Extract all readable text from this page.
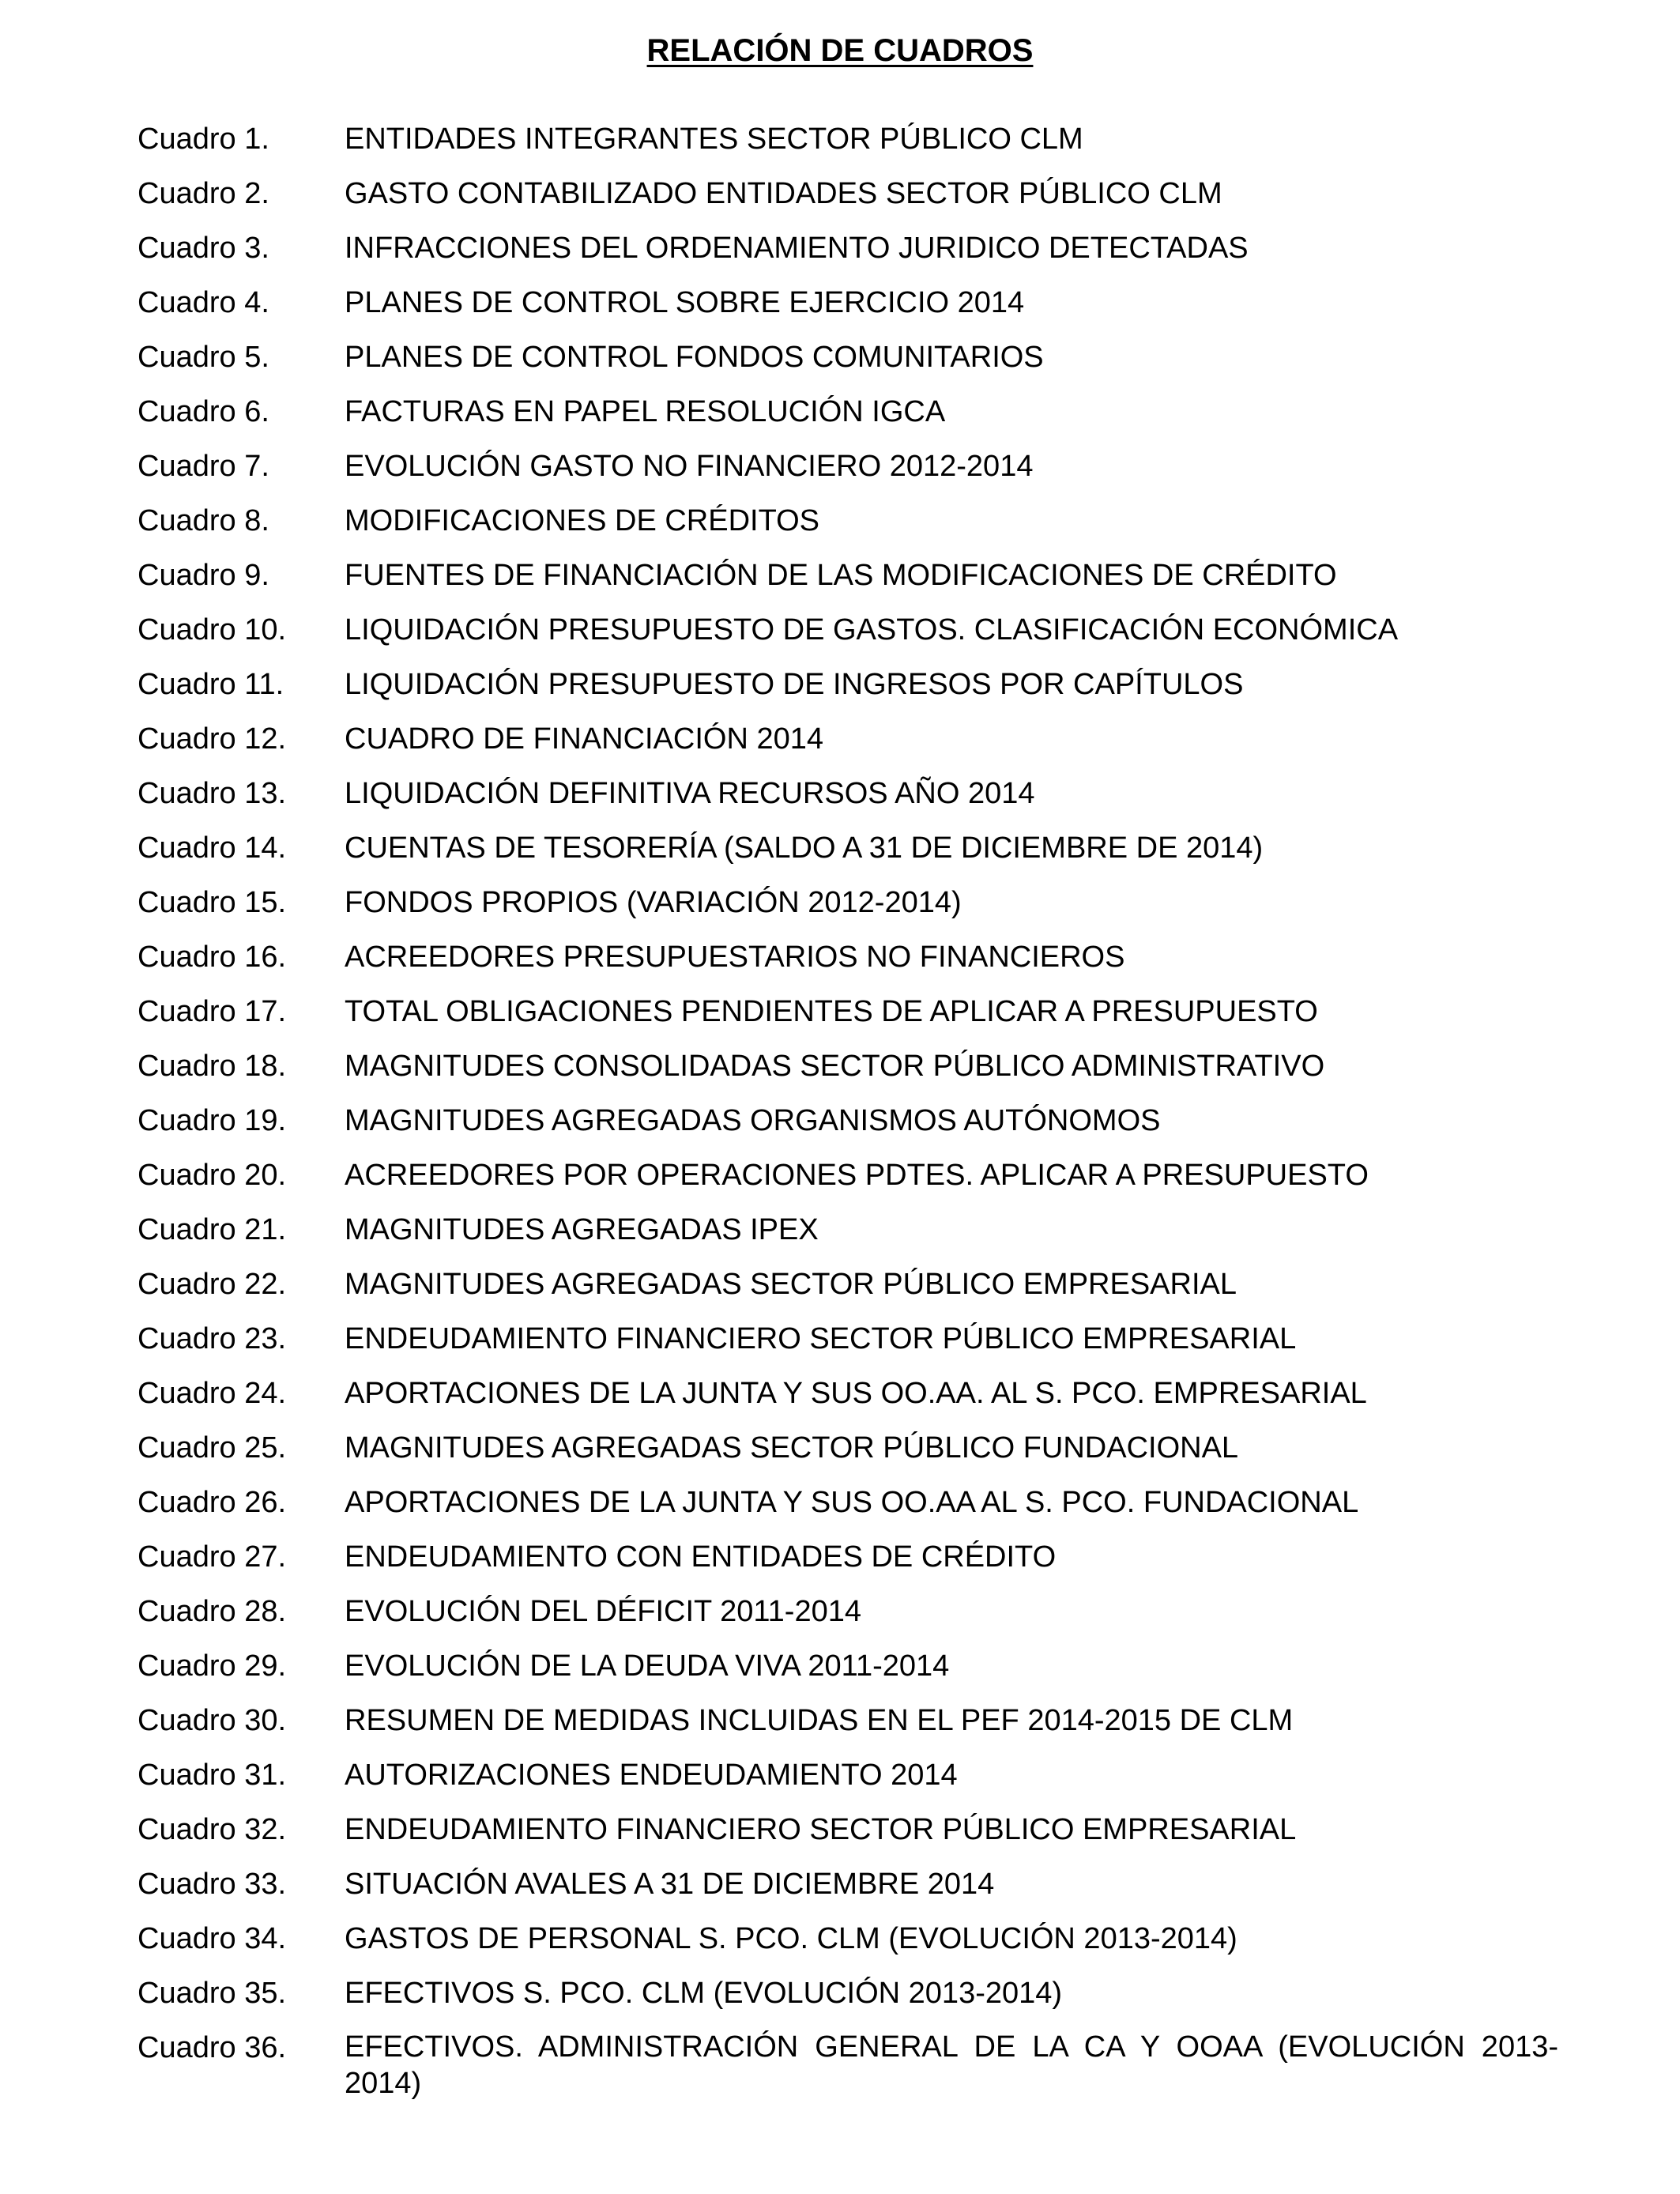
RELACIÓN DE CUADROS
Cuadro 1.	ENTIDADES INTEGRANTES SECTOR PÚBLICO CLM
Cuadro 2.	GASTO CONTABILIZADO ENTIDADES SECTOR PÚBLICO CLM
Cuadro 3.	INFRACCIONES DEL ORDENAMIENTO JURIDICO DETECTADAS
Cuadro 4.	PLANES DE CONTROL SOBRE EJERCICIO 2014
Cuadro 5.	PLANES DE CONTROL FONDOS COMUNITARIOS
Cuadro 6.	FACTURAS EN PAPEL RESOLUCIÓN IGCA
Cuadro 7.	EVOLUCIÓN GASTO NO FINANCIERO 2012-2014
Cuadro 8.	MODIFICACIONES DE CRÉDITOS
Cuadro 9.	FUENTES DE FINANCIACIÓN DE LAS MODIFICACIONES DE CRÉDITO
Cuadro 10.	LIQUIDACIÓN PRESUPUESTO DE GASTOS. CLASIFICACIÓN ECONÓMICA
Cuadro 11.	LIQUIDACIÓN PRESUPUESTO DE INGRESOS POR CAPÍTULOS
Cuadro 12.	CUADRO DE FINANCIACIÓN 2014
Cuadro 13.	LIQUIDACIÓN DEFINITIVA RECURSOS AÑO 2014
Cuadro 14.	CUENTAS DE TESORERÍA (SALDO A 31 DE DICIEMBRE DE 2014)
Cuadro 15.	FONDOS PROPIOS (VARIACIÓN 2012-2014)
Cuadro 16.	ACREEDORES PRESUPUESTARIOS NO FINANCIEROS
Cuadro 17.	TOTAL OBLIGACIONES PENDIENTES DE APLICAR A PRESUPUESTO
Cuadro 18.	MAGNITUDES CONSOLIDADAS SECTOR PÚBLICO ADMINISTRATIVO
Cuadro 19.	MAGNITUDES AGREGADAS ORGANISMOS AUTÓNOMOS
Cuadro 20.	ACREEDORES POR OPERACIONES PDTES. APLICAR A PRESUPUESTO
Cuadro 21.	MAGNITUDES AGREGADAS IPEX
Cuadro 22.	MAGNITUDES AGREGADAS SECTOR PÚBLICO EMPRESARIAL
Cuadro 23.	ENDEUDAMIENTO FINANCIERO SECTOR PÚBLICO EMPRESARIAL
Cuadro 24.	APORTACIONES DE LA JUNTA Y SUS OO.AA. AL S. PCO. EMPRESARIAL
Cuadro 25.	MAGNITUDES AGREGADAS SECTOR PÚBLICO FUNDACIONAL
Cuadro 26.	APORTACIONES DE LA JUNTA Y SUS OO.AA AL S. PCO. FUNDACIONAL
Cuadro 27.	ENDEUDAMIENTO CON ENTIDADES DE CRÉDITO
Cuadro 28.	EVOLUCIÓN DEL DÉFICIT 2011-2014
Cuadro 29.	EVOLUCIÓN DE LA DEUDA VIVA 2011-2014
Cuadro 30.	RESUMEN DE MEDIDAS INCLUIDAS EN EL PEF 2014-2015 DE CLM
Cuadro 31.	AUTORIZACIONES ENDEUDAMIENTO 2014
Cuadro 32.	ENDEUDAMIENTO FINANCIERO SECTOR PÚBLICO EMPRESARIAL
Cuadro 33.	SITUACIÓN AVALES A 31 DE DICIEMBRE 2014
Cuadro 34.	GASTOS DE PERSONAL S. PCO. CLM (EVOLUCIÓN 2013-2014)
Cuadro 35.	EFECTIVOS S. PCO. CLM (EVOLUCIÓN 2013-2014)
Cuadro 36.	EFECTIVOS. ADMINISTRACIÓN GENERAL DE LA CA Y OOAA (EVOLUCIÓN 2013-2014)
